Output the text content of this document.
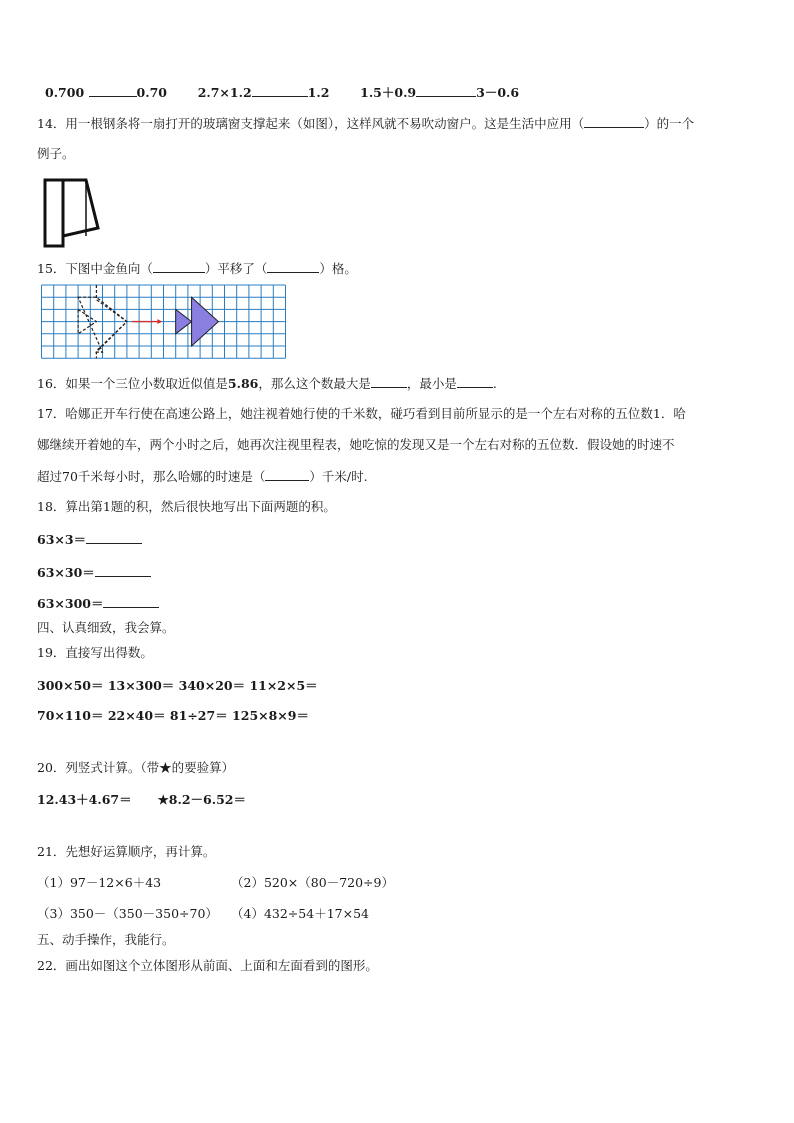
0.700	0.70 2.7×1.2	1.2 1.5＋0.9	3－0.6
14．用一根钢条将一扇打开的玻璃窗支撑起来（如图），这样风就不易吹动窗户。这是生活中应用（	）的一个
例子。
15．下图中金鱼向（	）平移了（	）格。
16．如果一个三位小数取近似值是5.86，那么这个数最大是	，最小是	.
17．哈娜正开车行使在高速公路上，她注视着她行使的千米数，碰巧看到目前所显示的是一个左右对称的五位数1．哈
娜继续开着她的车，两个小时之后，她再次注视里程表，她吃惊的发现又是一个左右对称的五位数．假设她的时速不
超过70千米每小时，那么哈娜的时速是（	）千米/时.
18．算出第1题的积，然后很快地写出下面两题的积。
63×3＝
63×30＝
63×300＝
四、认真细致，我会算。
19．直接写出得数。
300×50＝ 13×300＝ 340×20＝ 11×2×5＝
70×110＝ 22×40＝ 81÷27＝ 125×8×9＝
20．列竖式计算。（带★的要验算）
12.43＋4.67＝ ★8.2－6.52＝
21．先想好运算顺序，再计算。
（1）97－12×6＋43	（2）520×（80－720÷9）
（3）350－（350－350÷70） （4）432÷54＋17×54
五、动手操作，我能行。
22．画出如图这个立体图形从前面、上面和左面看到的图形。
